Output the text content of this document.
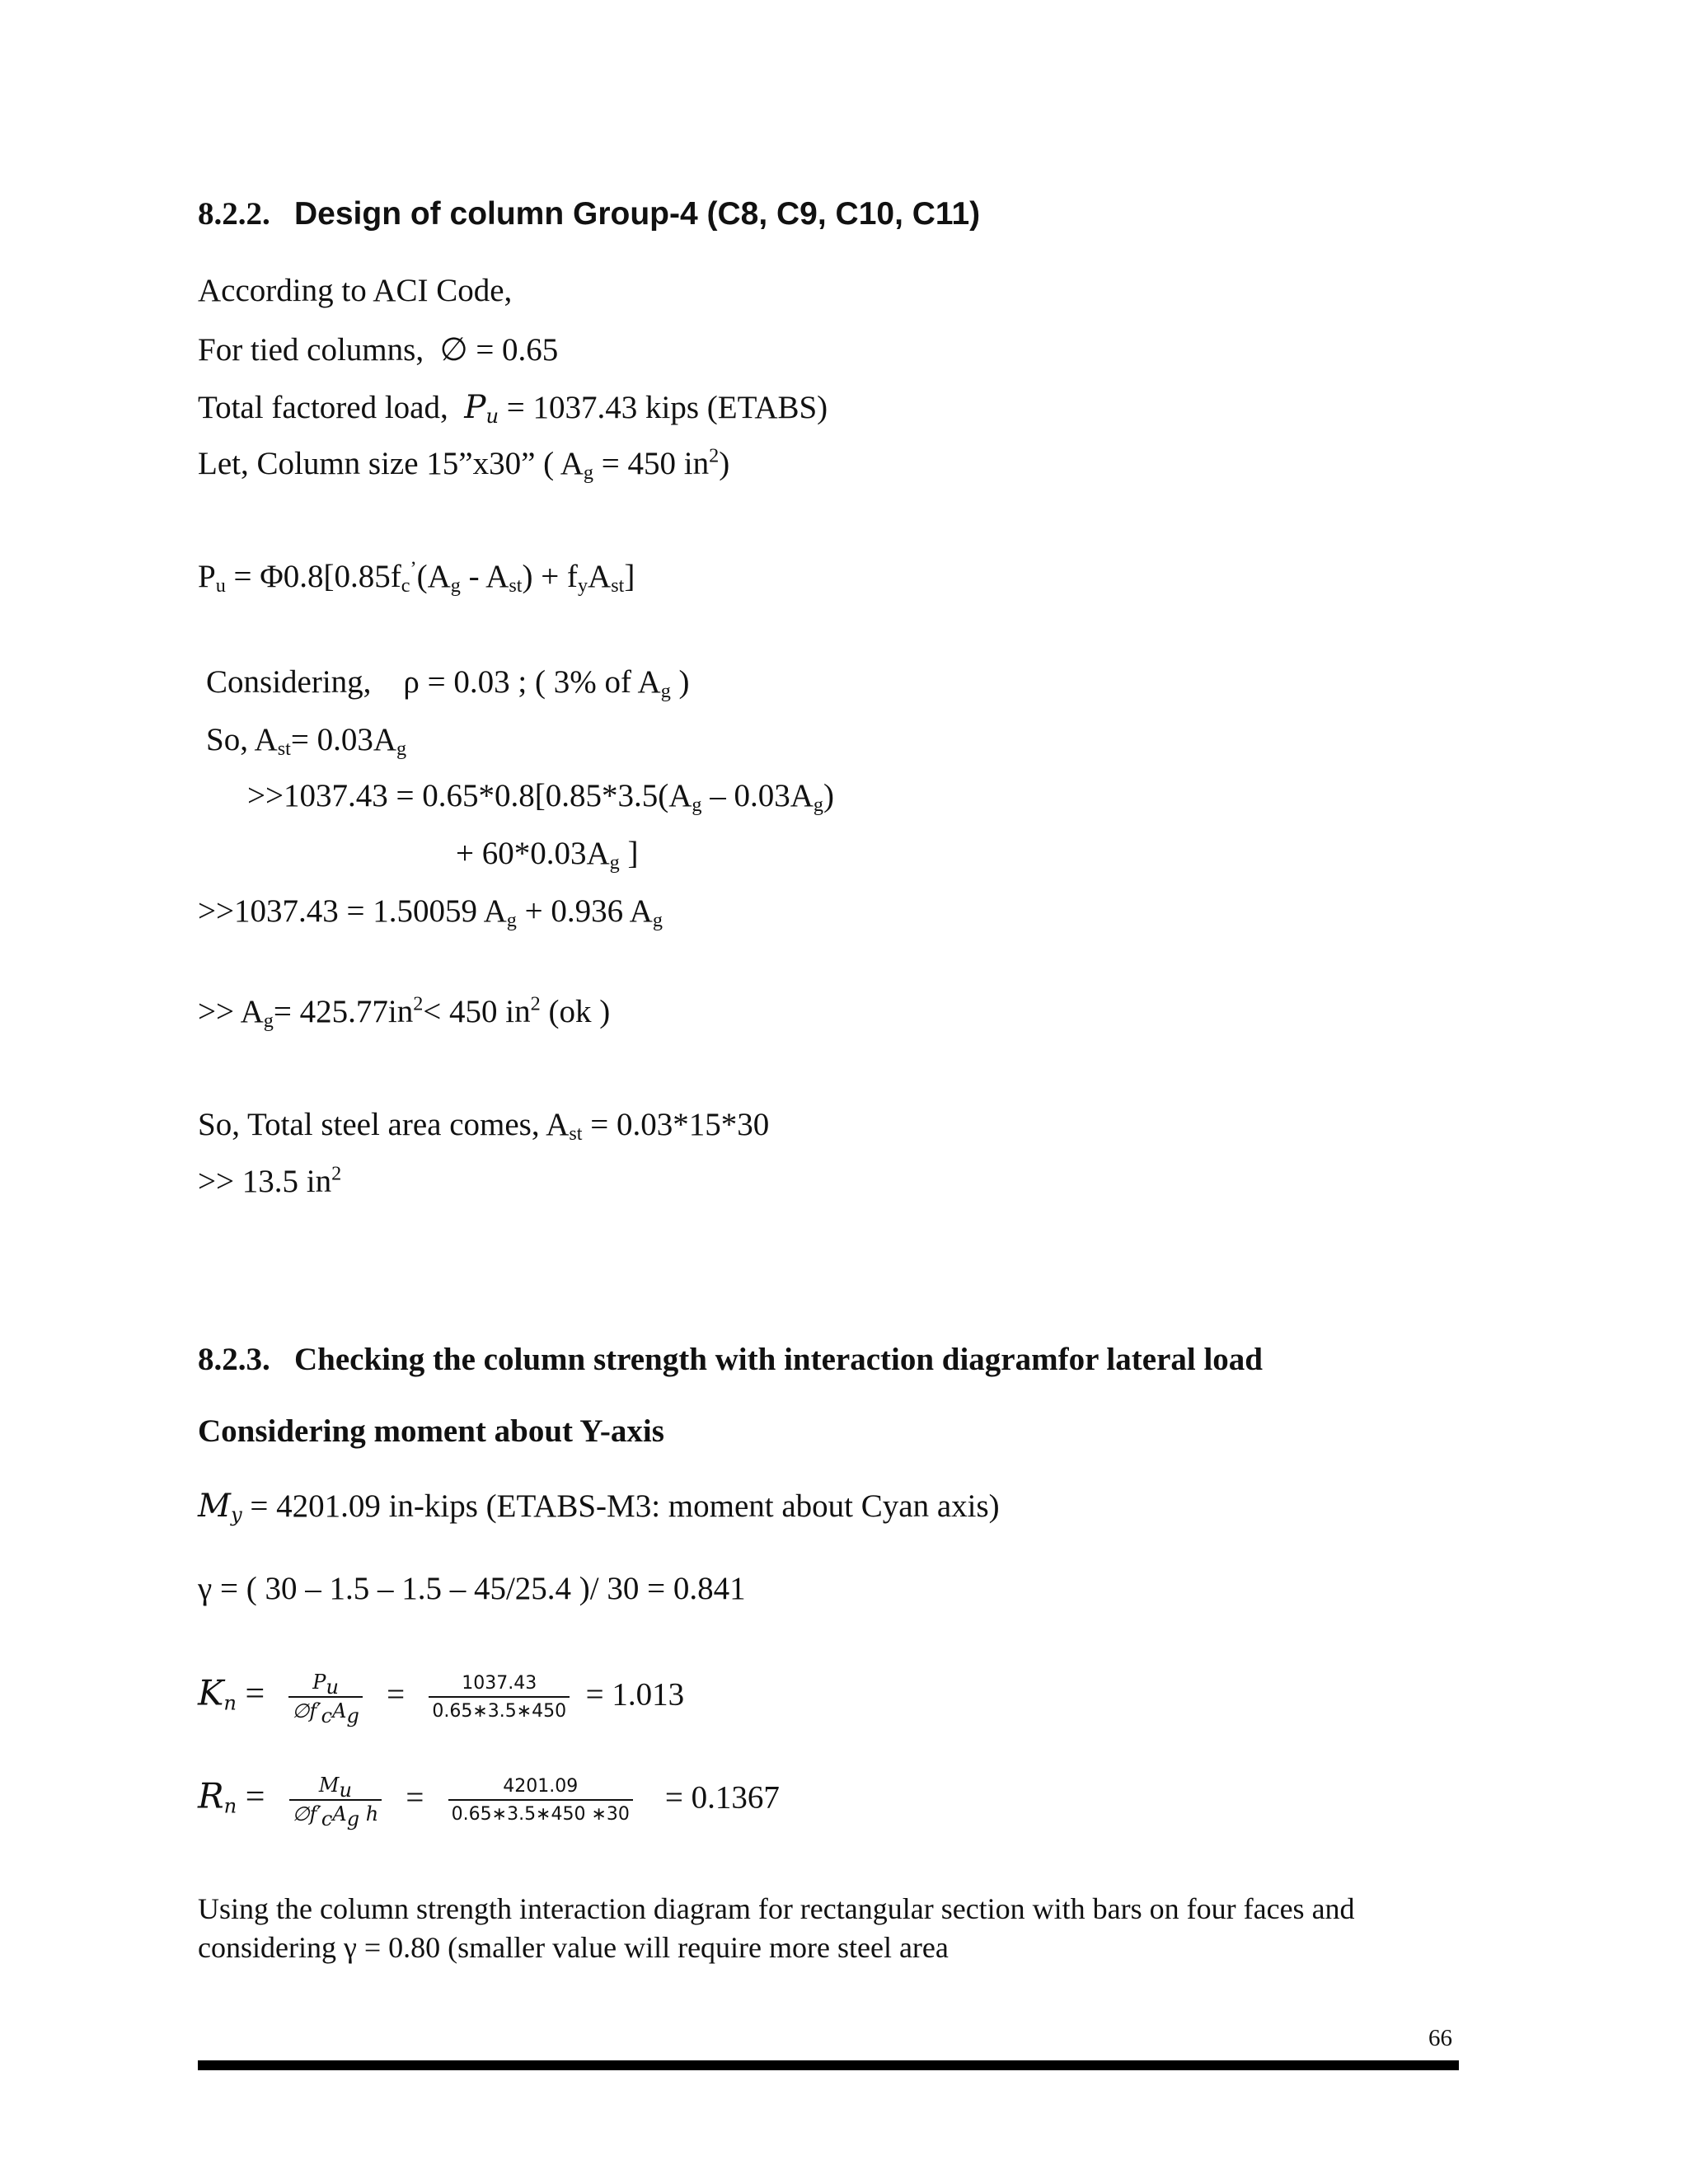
8.2.2. Design of column Group-4 (C8, C9, C10, C11)
According to ACI Code,
For tied columns, ∅ = 0.65
Total factored load, $P_u = 1037.43$ kips (ETABS)
Let, Column size 15”x30” ( $A_g = 450$ $in^2$)
$P_u = \Phi 0.8[0.85f_c^’(A_g - A_{st}) + f_yA_{st}]$
Considering, ρ = 0.03 ; ( 3% of $A_g$ )
So, $A_{st}= 0.03A_g$
$>>1037.43 = 0.65*0.8[0.85*3.5(A_g - 0.03A_g)$
+ $60*0.03A_g$ ]
>>1037.43 = 1.50059 $A_g + 0.936$ $A_g$
>> $A_g= 425.77in^2< 450$ $in^2$ (ok )
So, Total steel area comes, $A_{st} = 0.03*15*30$
>> 13.5 $in^2$
8.2.3. Checking the column strength with interaction diagramfor lateral load
Considering moment about Y-axis
$M_y = 4201.09$ in-kips (ETABS-M3: moment about Cyan axis)
γ = ( 30 – 1.5 – 1.5 – 45/25.4 )/ 30 = 0.841
$K_n = \frac{P_u}{\emptyset f'_cA_g} = \frac{1037.43}{0.65∗3.5∗450} = 1.013$
$R_n = \frac{M_u}{\emptyset f'_cA_g h} = \frac{4201.09}{0.65∗3.5∗450 ∗30} = 0.1367$
Using the column strength interaction diagram for rectangular section with bars on four faces and
considering γ = 0.80 (smaller value will require more steel area
66
